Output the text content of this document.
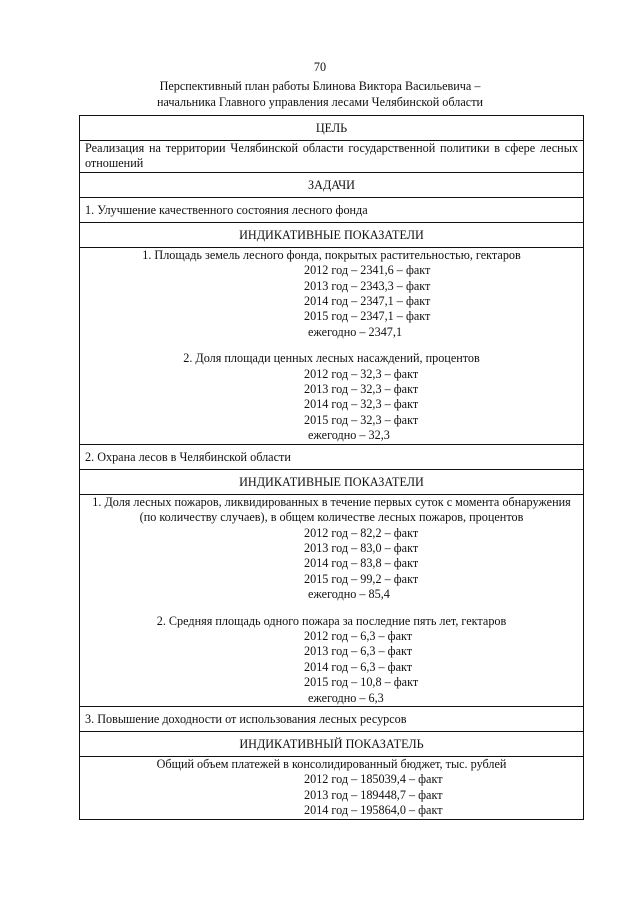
70
Перспективный план работы Блинова Виктора Васильевича –
начальника Главного управления лесами Челябинской области
ЦЕЛЬ
Реализация на территории Челябинской области государственной политики в сфере лесных отношений
ЗАДАЧИ
1. Улучшение качественного состояния лесного фонда
ИНДИКАТИВНЫЕ ПОКАЗАТЕЛИ

1. Площадь земель лесного фонда, покрытых растительностью, гектаров
2012 год – 2341,6 – факт
2013 год – 2343,3 – факт
2014 год – 2347,1 – факт
2015 год – 2347,1 – факт
ежегодно – 2347,1
2. Доля площади ценных лесных насаждений, процентов
2012 год – 32,3 – факт
2013 год – 32,3 – факт
2014 год – 32,3 – факт
2015 год – 32,3 – факт
ежегодно – 32,3

2. Охрана лесов в Челябинской области
ИНДИКАТИВНЫЕ ПОКАЗАТЕЛИ

1. Доля лесных пожаров, ликвидированных в течение первых суток с момента обнаружения (по количеству случаев), в общем количестве лесных пожаров, процентов
2012 год – 82,2 – факт
2013 год – 83,0 – факт
2014 год – 83,8 – факт
2015 год – 99,2 – факт
ежегодно – 85,4
2. Средняя площадь одного пожара за последние пять лет, гектаров
2012 год – 6,3 – факт
2013 год – 6,3 – факт
2014 год – 6,3 – факт
2015 год – 10,8 – факт
ежегодно – 6,3

3. Повышение доходности от использования лесных ресурсов
ИНДИКАТИВНЫЙ ПОКАЗАТЕЛЬ

Общий объем платежей в консолидированный бюджет, тыс. рублей
2012 год – 185039,4 – факт
2013 год – 189448,7 – факт
2014 год – 195864,0 – факт
